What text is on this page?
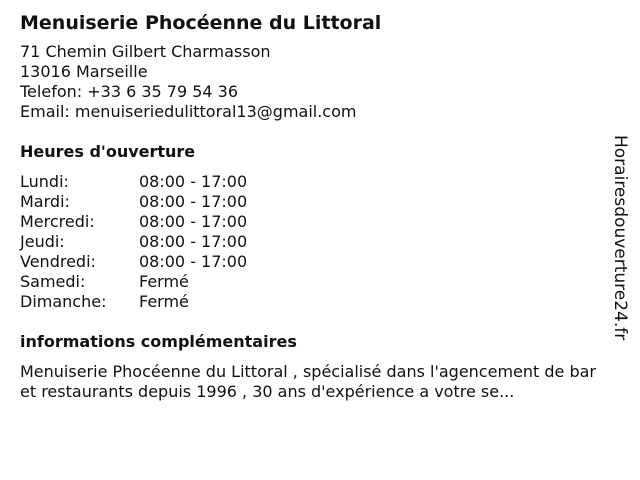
Menuiserie Phocéenne du Littoral
71 Chemin Gilbert Charmasson
13016 Marseille
Telefon: +33 6 35 79 54 36
Email: menuiseriedulittoral13@gmail.com
Heures d'ouverture
Lundi:	08:00 - 17:00
Mardi:	08:00 - 17:00
Mercredi:	08:00 - 17:00
Jeudi:	08:00 - 17:00
Vendredi:	08:00 - 17:00
Samedi:	Fermé
Dimanche:	Fermé
informations complémentaires
Menuiserie Phocéenne du Littoral , spécialisé dans l'agencement de bar et restaurants depuis 1996 , 30 ans d'expérience a votre se...
Horairesdouverture24.fr
